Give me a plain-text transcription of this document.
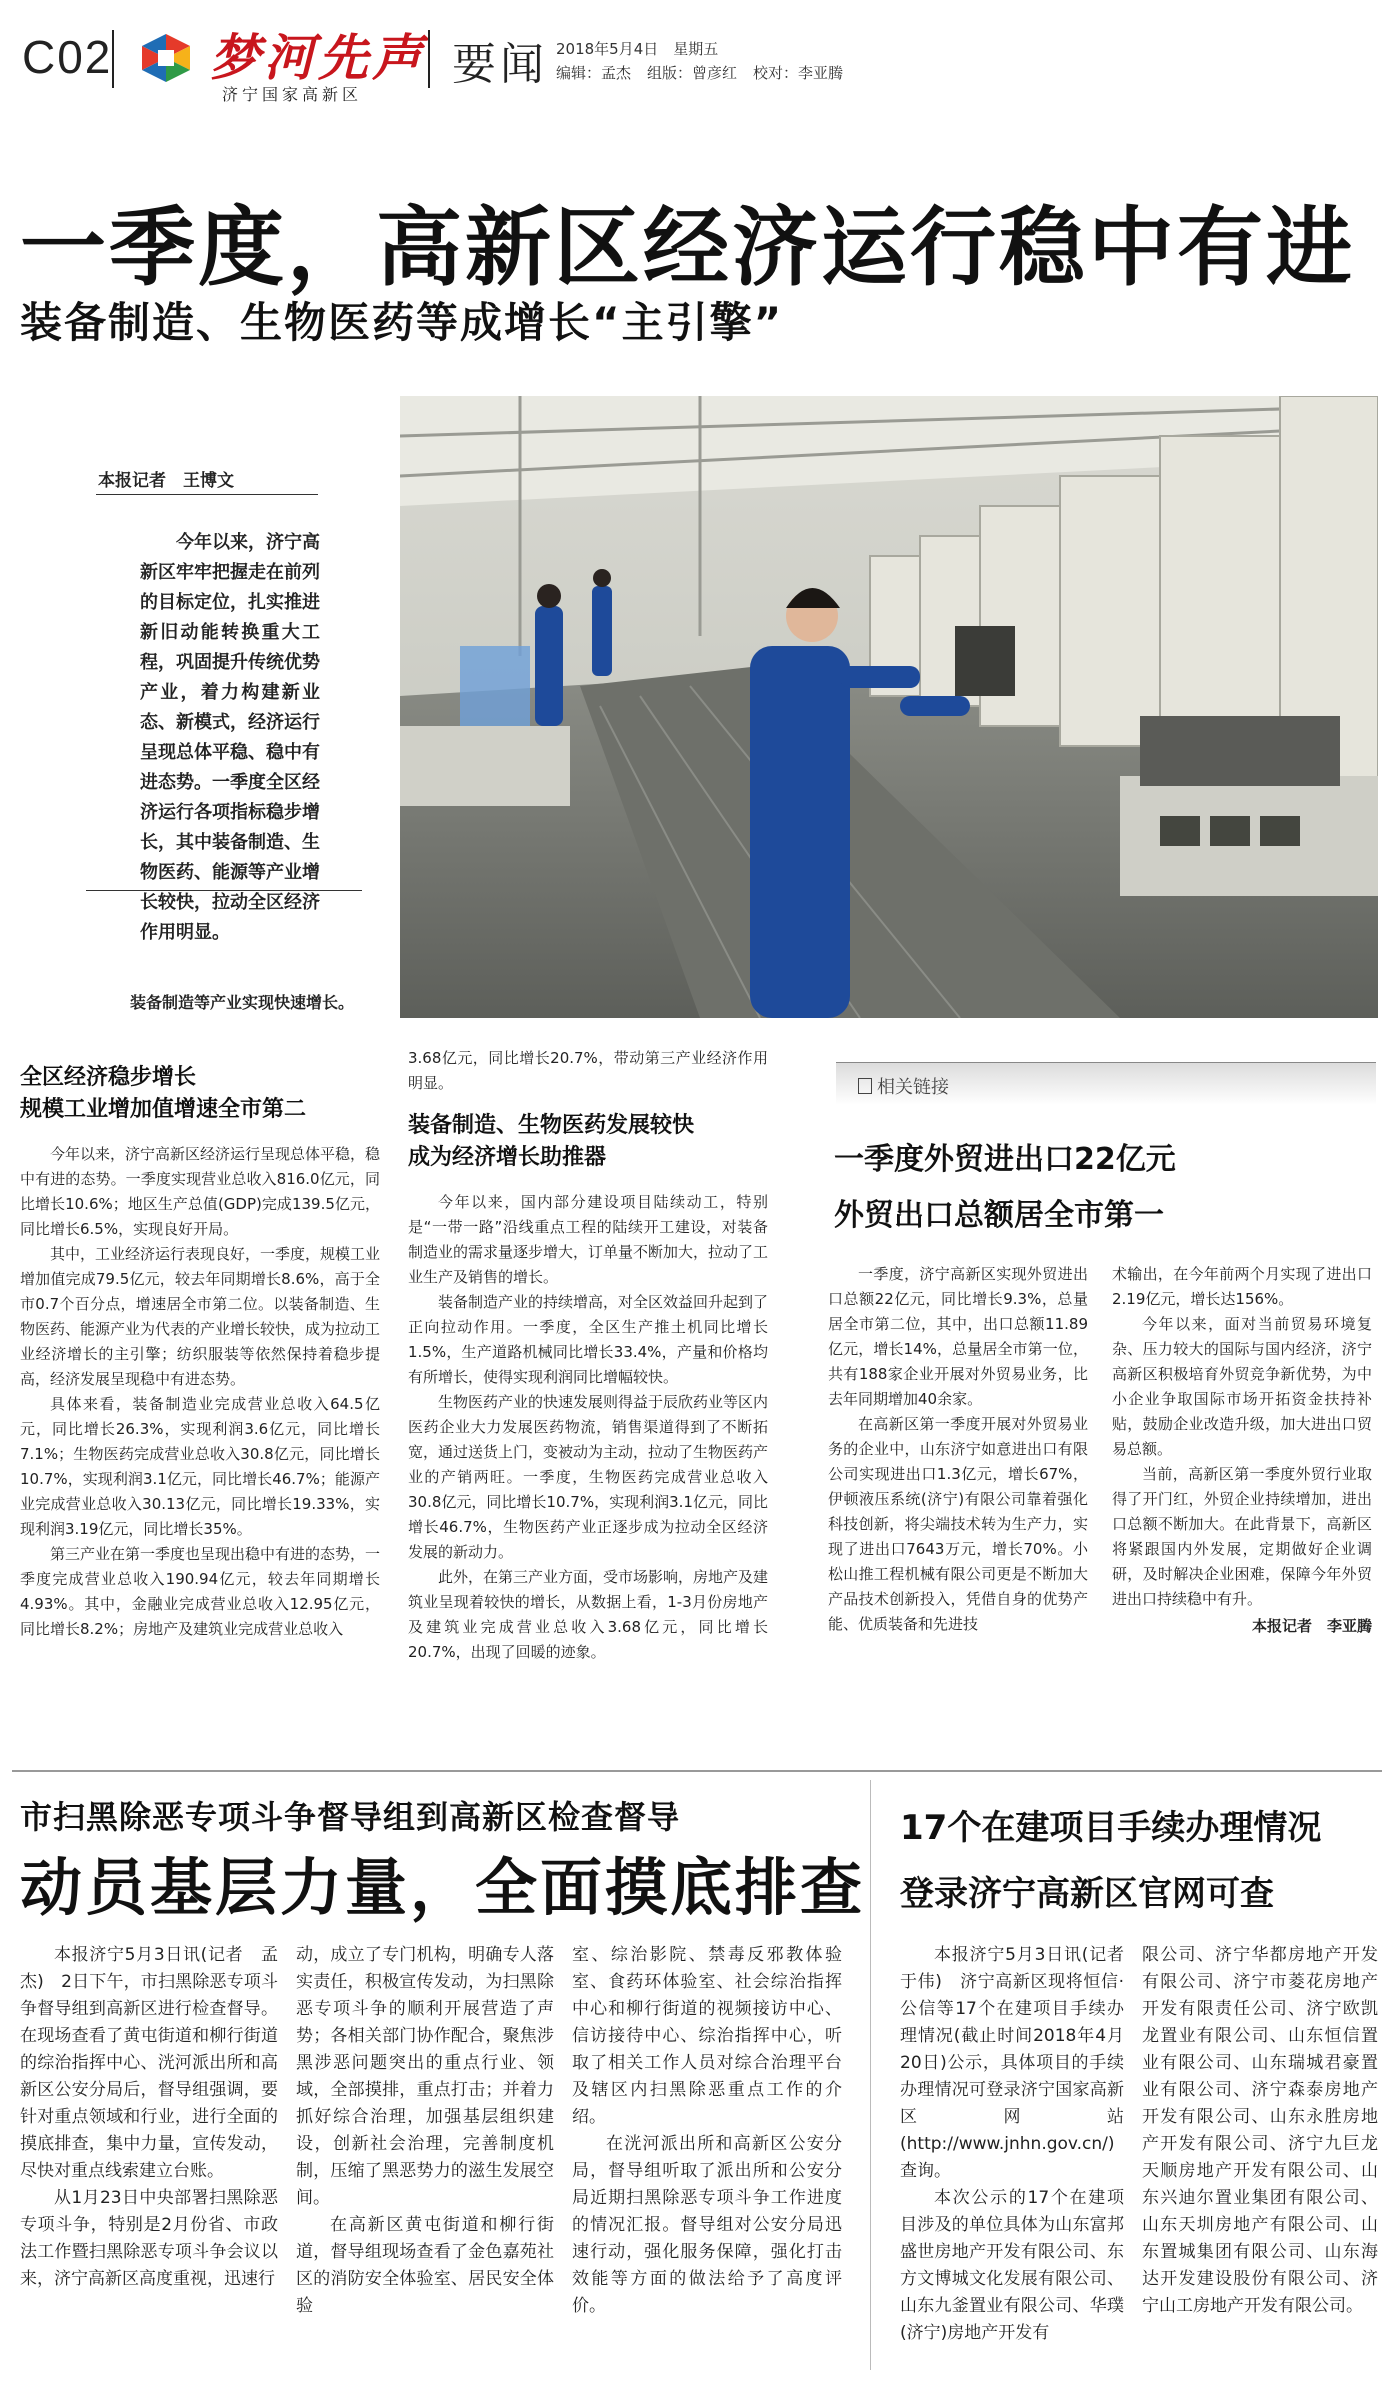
C02 梦河先声
济宁国家高新区
要闻 2018年5月4日　星期五
编辑：孟杰 组版：曾彦红 校对：李亚腾
一季度，高新区经济运行稳中有进
装备制造、生物医药等成增长“主引擎”
本报记者　王博文
今年以来，济宁高新区牢牢把握走在前列的目标定位，扎实推进新旧动能转换重大工程，巩固提升传统优势产业，着力构建新业态、新模式，经济运行呈现总体平稳、稳中有进态势。一季度全区经济运行各项指标稳步增长，其中装备制造、生物医药、能源等产业增长较快，拉动全区经济作用明显。
装备制造等产业实现快速增长。
全区经济稳步增长
规模工业增加值增速全市第二

今年以来，济宁高新区经济运行呈现总体平稳，稳中有进的态势。一季度实现营业总收入816.0亿元，同比增长10.6%；地区生产总值(GDP)完成139.5亿元，同比增长6.5%，实现良好开局。

其中，工业经济运行表现良好，一季度，规模工业增加值完成79.5亿元，较去年同期增长8.6%，高于全市0.7个百分点，增速居全市第二位。以装备制造、生物医药、能源产业为代表的产业增长较快，成为拉动工业经济增长的主引擎；纺织服装等依然保持着稳步提高，经济发展呈现稳中有进态势。

具体来看，装备制造业完成营业总收入64.5亿元，同比增长26.3%，实现利润3.6亿元，同比增长7.1%；生物医药完成营业总收入30.8亿元，同比增长10.7%，实现利润3.1亿元，同比增长46.7%；能源产业完成营业总收入30.13亿元，同比增长19.33%，实现利润3.19亿元，同比增长35%。

第三产业在第一季度也呈现出稳中有进的态势，一季度完成营业总收入190.94亿元，较去年同期增长4.93%。其中，金融业完成营业总收入12.95亿元，同比增长8.2%；房地产及建筑业完成营业总收入

3.68亿元，同比增长20.7%，带动第三产业经济作用明显。

装备制造、生物医药发展较快
成为经济增长助推器

今年以来，国内部分建设项目陆续动工，特别是“一带一路”沿线重点工程的陆续开工建设，对装备制造业的需求量逐步增大，订单量不断加大，拉动了工业生产及销售的增长。

装备制造产业的持续增高，对全区效益回升起到了正向拉动作用。一季度，全区生产推土机同比增长1.5%，生产道路机械同比增长33.4%，产量和价格均有所增长，使得实现利润同比增幅较快。

生物医药产业的快速发展则得益于辰欣药业等区内医药企业大力发展医药物流，销售渠道得到了不断拓宽，通过送货上门，变被动为主动，拉动了生物医药产业的产销两旺。一季度，生物医药完成营业总收入30.8亿元，同比增长10.7%，实现利润3.1亿元，同比增长46.7%，生物医药产业正逐步成为拉动全区经济发展的新动力。

此外，在第三产业方面，受市场影响，房地产及建筑业呈现着较快的增长，从数据上看，1-3月份房地产及建筑业完成营业总收入3.68亿元，同比增长20.7%，出现了回暖的迹象。

相关链接
一季度外贸进出口22亿元
外贸出口总额居全市第一

一季度，济宁高新区实现外贸进出口总额22亿元，同比增长9.3%，总量居全市第二位，其中，出口总额11.89亿元，增长14%，总量居全市第一位，共有188家企业开展对外贸易业务，比去年同期增加40余家。

在高新区第一季度开展对外贸易业务的企业中，山东济宁如意进出口有限公司实现进出口1.3亿元，增长67%，伊顿液压系统(济宁)有限公司靠着强化科技创新，将尖端技术转为生产力，实现了进出口7643万元，增长70%。小松山推工程机械有限公司更是不断加大产品技术创新投入，凭借自身的优势产能、优质装备和先进技

术输出，在今年前两个月实现了进出口2.19亿元，增长达156%。

今年以来，面对当前贸易环境复杂、压力较大的国际与国内经济，济宁高新区积极培育外贸竞争新优势，为中小企业争取国际市场开拓资金扶持补贴，鼓励企业改造升级，加大进出口贸易总额。

当前，高新区第一季度外贸行业取得了开门红，外贸企业持续增加，进出口总额不断加大。在此背景下，高新区将紧跟国内外发展，定期做好企业调研，及时解决企业困难，保障今年外贸进出口持续稳中有升。

本报记者　李亚腾

市扫黑除恶专项斗争督导组到高新区检查督导
动员基层力量，全面摸底排查

本报济宁5月3日讯(记者　孟杰)　2日下午，市扫黑除恶专项斗争督导组到高新区进行检查督导。在现场查看了黄屯街道和柳行街道的综治指挥中心、洸河派出所和高新区公安分局后，督导组强调，要针对重点领域和行业，进行全面的摸底排查，集中力量，宣传发动，尽快对重点线索建立台账。

从1月23日中央部署扫黑除恶专项斗争，特别是2月份省、市政法工作暨扫黑除恶专项斗争会议以来，济宁高新区高度重视，迅速行

动，成立了专门机构，明确专人落实责任，积极宣传发动，为扫黑除恶专项斗争的顺利开展营造了声势；各相关部门协作配合，聚焦涉黑涉恶问题突出的重点行业、领域，全部摸排，重点打击；并着力抓好综合治理，加强基层组织建设，创新社会治理，完善制度机制，压缩了黑恶势力的滋生发展空间。

在高新区黄屯街道和柳行街道，督导组现场查看了金色嘉苑社区的消防安全体验室、居民安全体验

室、综治影院、禁毒反邪教体验室、食药环体验室、社会综治指挥中心和柳行街道的视频接访中心、信访接待中心、综治指挥中心，听取了相关工作人员对综合治理平台及辖区内扫黑除恶重点工作的介绍。

在洸河派出所和高新区公安分局，督导组听取了派出所和公安分局近期扫黑除恶专项斗争工作进度的情况汇报。督导组对公安分局迅速行动，强化服务保障，强化打击效能等方面的做法给予了高度评价。

17个在建项目手续办理情况
登录济宁高新区官网可查

本报济宁5月3日讯(记者　于伟)　济宁高新区现将恒信·公信等17个在建项目手续办理情况(截止时间2018年4月20日)公示，具体项目的手续办理情况可登录济宁国家高新区网站(http://www.jnhn.gov.cn/)查询。

本次公示的17个在建项目涉及的单位具体为山东富邦盛世房地产开发有限公司、东方文博城文化发展有限公司、山东九釜置业有限公司、华璞(济宁)房地产开发有

限公司、济宁华都房地产开发有限公司、济宁市菱花房地产开发有限责任公司、济宁欧凯龙置业有限公司、山东恒信置业有限公司、山东瑞城君豪置业有限公司、济宁森泰房地产开发有限公司、山东永胜房地产开发有限公司、济宁九巨龙天顺房地产开发有限公司、山东兴迪尔置业集团有限公司、山东天圳房地产有限公司、山东置城集团有限公司、山东海达开发建设股份有限公司、济宁山工房地产开发有限公司。
